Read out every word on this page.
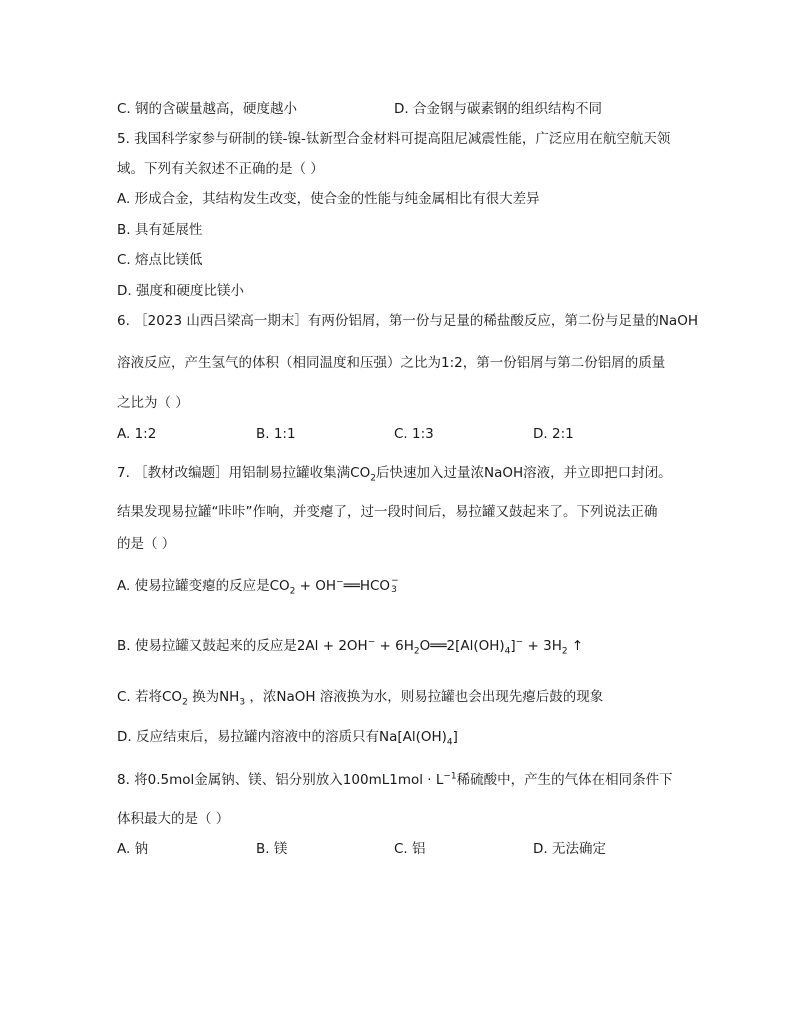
C. 钢的含碳量越高，硬度越小	D. 合金钢与碳素钢的组织结构不同
5. 我国科学家参与研制的镁-镍-钛新型合金材料可提高阻尼减震性能，广泛应用在航空航天领
域。下列有关叙述不正确的是（ ）
A. 形成合金，其结构发生改变，使合金的性能与纯金属相比有很大差异
B. 具有延展性
C. 熔点比镁低
D. 强度和硬度比镁小
6. ［2023 山西吕梁高一期末］有两份铝屑，第一份与足量的稀盐酸反应，第二份与足量的NaOH
溶液反应，产生氢气的体积（相同温度和压强）之比为1:2，第一份铝屑与第二份铝屑的质量
之比为（ ）
A. 1:2	B. 1:1	C. 1:3	D. 2:1
7. ［教材改编题］用铝制易拉罐收集满$CO_2$后快速加入过量浓NaOH溶液，并立即把口封闭。
结果发现易拉罐“咔咔”作响，并变瘪了，过一段时间后，易拉罐又鼓起来了。下列说法正确
的是（ ）
A. 使易拉罐变瘪的反应是$CO_2$ + OH−══HCO −
3
B. 使易拉罐又鼓起来的反应是$2Al + 2OH^- + 6H_2O══2[Al(OH)_4]^- + 3H_2$ ↑
C. 若将$CO_2$ 换为$NH_3$ ，浓NaOH 溶液换为水，则易拉罐也会出现先瘪后鼓的现象
D. 反应结束后，易拉罐内溶液中的溶质只有$Na[Al(OH)_4]$
8. 将0.5mol金属钠、镁、铝分别放入$100mL1mol \cdot L^{-1}$稀硫酸中，产生的气体在相同条件下
体积最大的是（ ）
A. 钠	B. 镁	C. 铝	D. 无法确定
